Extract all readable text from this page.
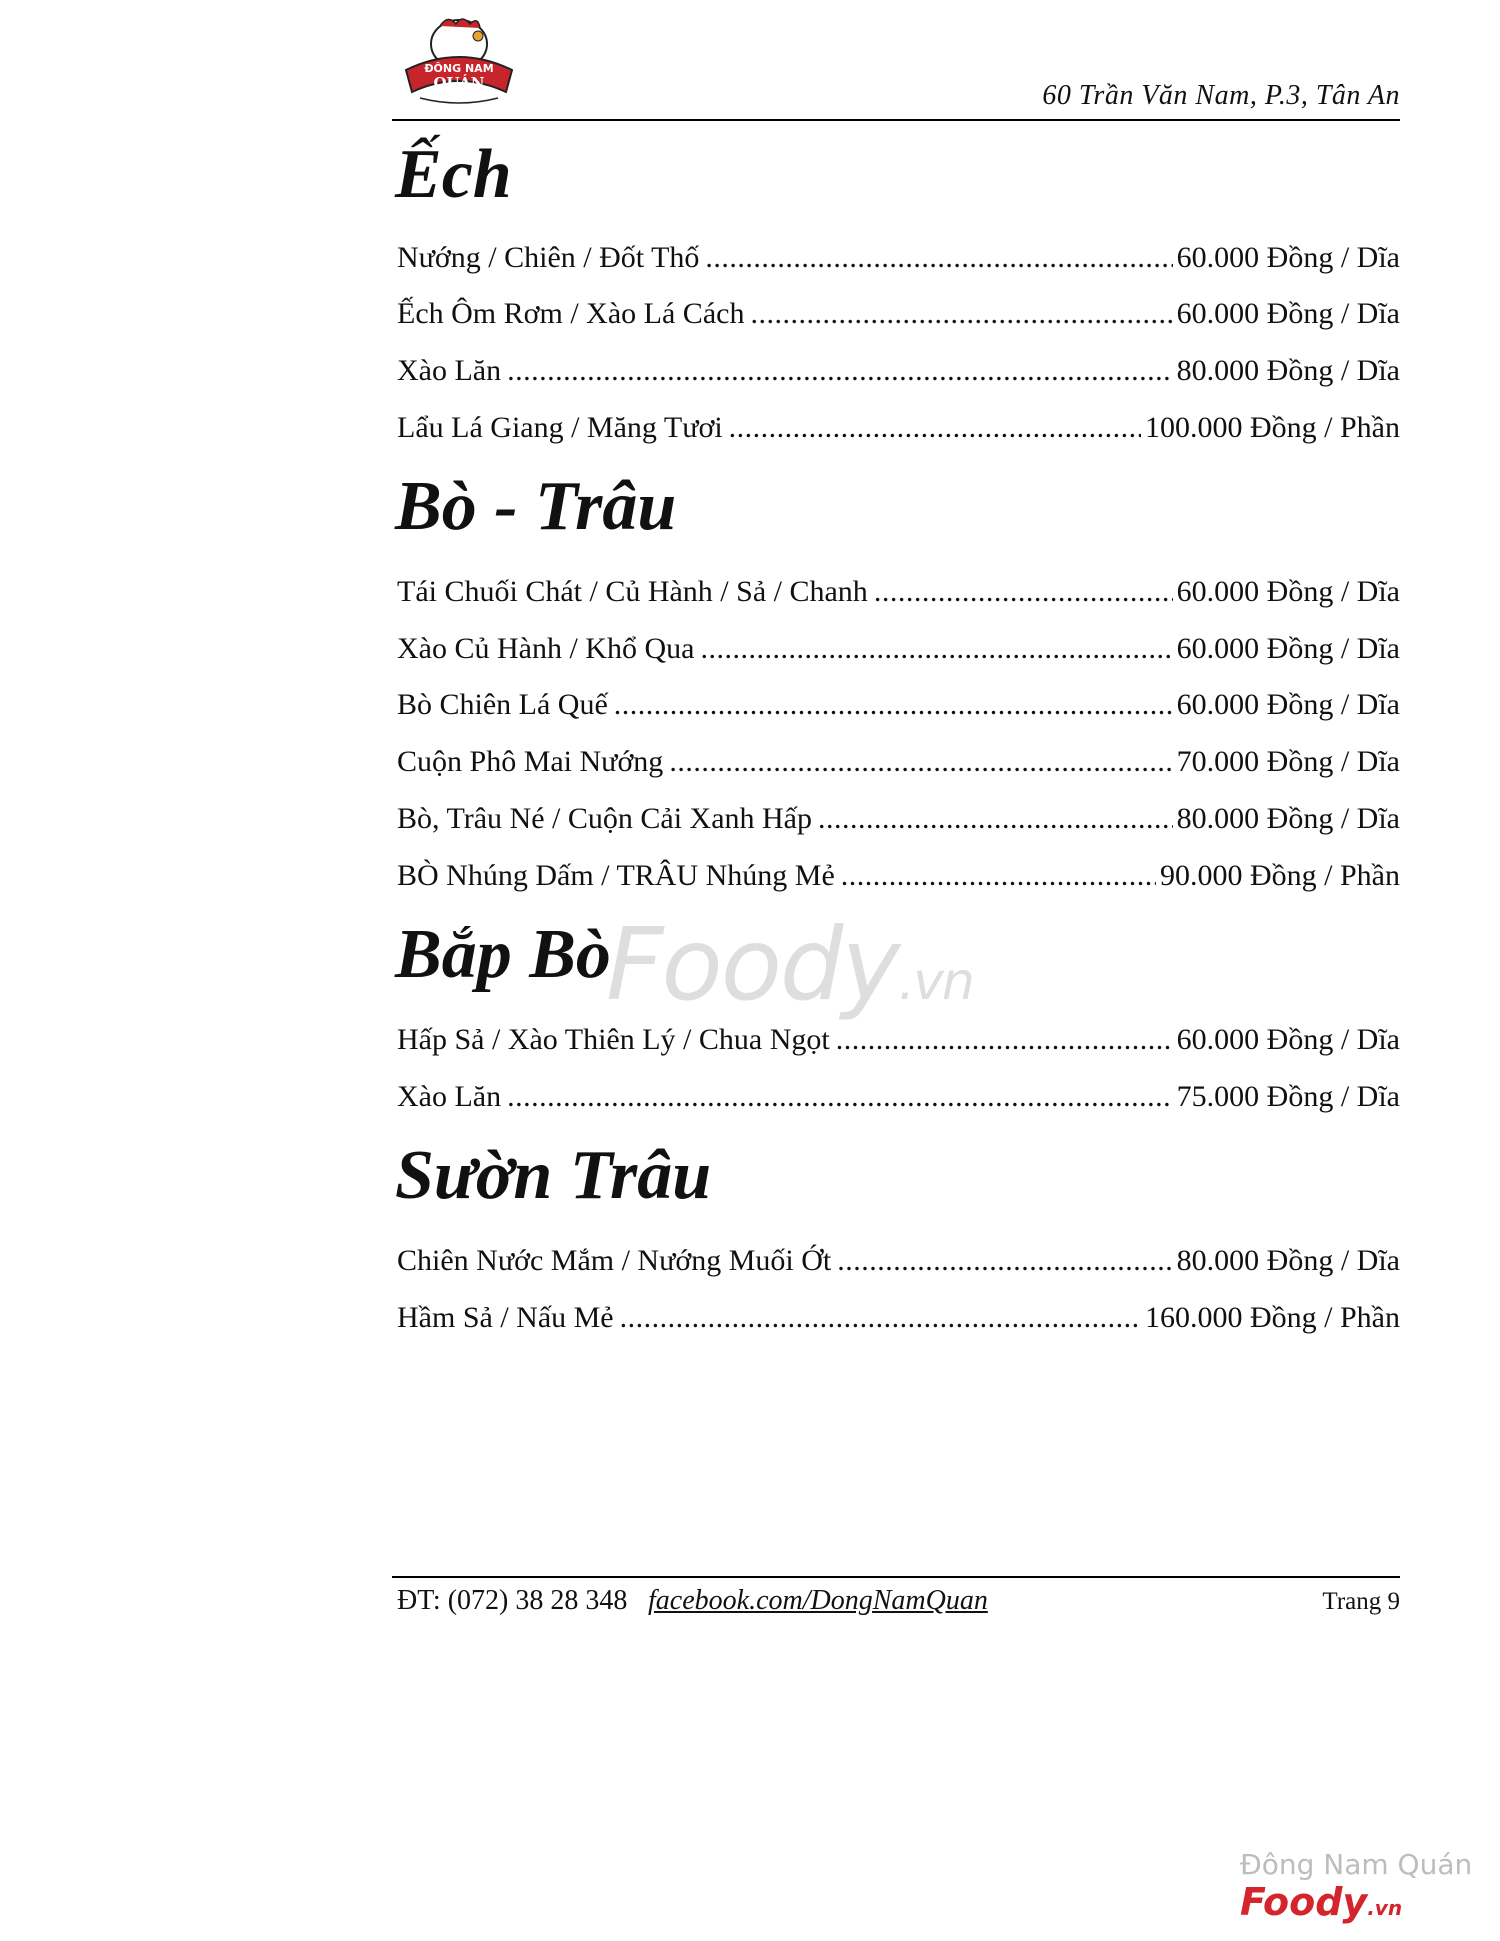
ĐÔNG NAM
QUÁN	60 Trần Văn Nam, P.3, Tân An
Ếch
Nướng / Chiên / Đốt Thố .....	60.000 Đồng / Dĩa
Ếch Ôm Rơm / Xào Lá Cách .....	60.000 Đồng / Dĩa
Xào Lăn .....	80.000 Đồng / Dĩa
Lẩu Lá Giang / Măng Tươi .....	100.000 Đồng / Phần
Bò - Trâu
Tái Chuối Chát / Củ Hành / Sả / Chanh .....	60.000 Đồng / Dĩa
Xào Củ Hành / Khổ Qua .....	60.000 Đồng / Dĩa
Bò Chiên Lá Quế .....	60.000 Đồng / Dĩa
Cuộn Phô Mai Nướng .....	70.000 Đồng / Dĩa
Bò, Trâu Né / Cuộn Cải Xanh Hấp .....	80.000 Đồng / Dĩa
BÒ Nhúng Dấm / TRÂU Nhúng Mẻ .....	90.000 Đồng / Phần
Bắp Bò
Hấp Sả / Xào Thiên Lý / Chua Ngọt .....	60.000 Đồng / Dĩa
Xào Lăn .....	75.000 Đồng / Dĩa
Sườn Trâu
Chiên Nước Mắm / Nướng Muối Ớt .....	80.000 Đồng / Dĩa
Hầm Sả / Nấu Mẻ .....	160.000 Đồng / Phần
Foody.vn
ĐT: (072) 38 28 348 facebook.com/DongNamQuan	Trang 9
Đông Nam Quán
Foody.vn
